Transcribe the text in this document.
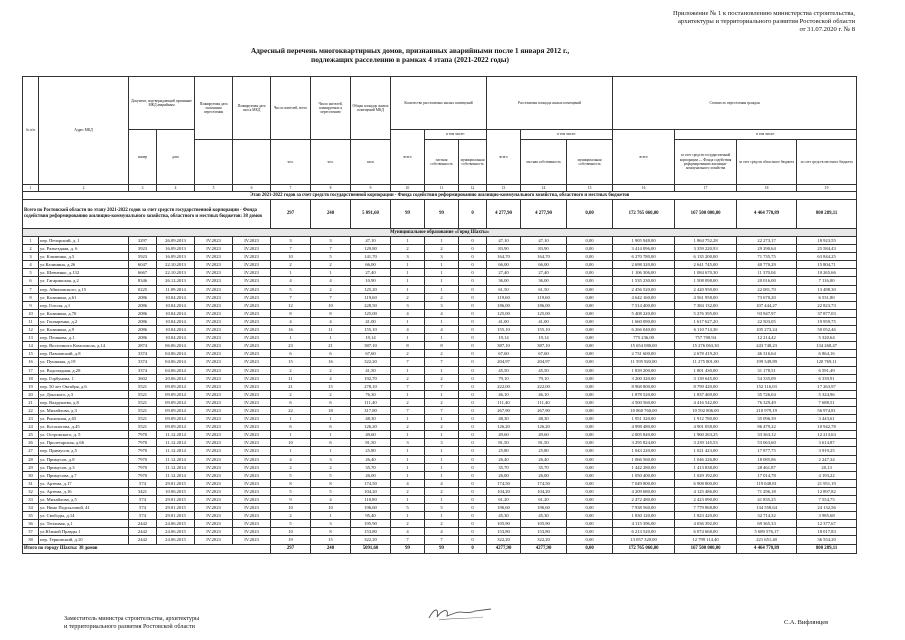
Приложение № 1 к постановлению министерства строительства,
архитектуры и территориального развития Ростовской области
от 31.07.2020 г. № 8
Адресный перечень многоквартирных домов, признанных аварийными после 1 января 2012 г.,
подлежащих расселению в рамках 4 этапа (2021-2022 годы)
№ п/п	Адрес МКД	Документ, подтверждающий признание МКД аварийным		Планируемая дата окончания переселения	Планируемая дата сноса МКД	Число жителей, всего	Число жителей, планируемых к переселению	Общая площадь жилых помещений МКД	Количество расселяемых жилых помещений			Расселяемая площадь жилых помещений			Стоимость переселения граждан			
		номер	дата						всего	в том числе:		всего	в том числе:		всего	в том числе:		
						чел.	чел.	кв.м		частная собственность	муниципальная собственность		частная собственность	муниципальная собственность		за счет средств государственной корпорации — Фонда содействия реформированию жилищно-коммунального хозяйства	за счет средств областного бюджета	за счет средств местного бюджета
1	2	3	4	5	6	7	8	9	10	11	12	13	14	15	16	17	18	19
Этап 2021-2022 годов за счет средств государственной корпорации - Фонда содействия реформированию жилищно-коммунального хозяйства, областного и местных бюджетов																		
Всего по Ростовской области по этапу 2021-2022 годов за счет средств государственной корпорации - Фонда содействия реформированию жилищно-коммунального хозяйства, областного и местных бюджетов: 38 домов						297	240	5 091,60	99	99	0	4 277,90	4 277,90	0,00	172 765 060,00	167 500 000,00	4 464 770,89	800 289,11
Муниципальное образование «Город Шахты»																		
1	пер. Печорский, д. 1	3297	26.09.2013	IV.2023	IV.2023	3	3	47,10	1	1	0	47,10	47,10	0,00	1 905 948,00	1 864 752,28	22 273,17	18 923,55
2	ул. Разъездная, д. 6	3923	16.09.2013	IV.2023	IV.2023	7	7	129,80	2	2	0	83,90	83,90	0,00	3 414 096,00	3 359 220,93	29 290,64	25 584,43
3	ул. Клименко, д.5	5923	16.09.2013	IV.2023	IV.2023	10	5	141,70	3	3	0	164,70	164,70	0,00	6 270 780,00	6 135 200,00	71 735,75	63 844,25
4	ул.Калинина, д.26	6047	22.10.2013	IV.2023	IV.2023	2	2	66,00	1	1	0	66,00	66,00	0,00	2 698 320,00	2 641 745,00	40 770,29	15 804,71
5	ул. Шевченко, д.132	6667	22.10.2013	IV.2023	IV.2023	1	1	27,40	1	1	0	27,40	27,40	0,00	1 106 306,00	1 084 670,30	11 370,04	10 265,66
6	ул. Гагаринская, д.2	8346	26.12.2013	IV.2023	IV.2023	4	4	10,90	1	1	0	36,00	36,00	0,00	1 535 230,00	1 508 098,00	20 016,00	7 116,00
7	пер. Айвазовского, д.15	0225	11.09.2014	IV.2023	IV.2023	5	2	125,20	1	1	0	61,50	61,50	0,00	2 456 520,00	2 420 950,00	22 081,70	13 488,30
8	ул. Калинина, д.61	2086	10.04.2014	IV.2023	IV.2023	7	7	119,60	2	2	0	119,60	119,60	0,00	4 642 160,00	4 561 958,00	73 670,20	6 531,80
9	пер. Гоголя, д.1	2086	10.04.2014	IV.2023	IV.2023	12	10	228,50	3	3	0	186,00	186,00	0,00	7 514 400,00	7 384 132,00	107 444,27	22 823,73
10	ул. Калинина, д.70	2086	10.04.2014	IV.2023	IV.2023	8	8	125,00	4	4	0	125,00	125,00	0,00	5 408 220,00	5 276 395,00	93 947,97	37 877,03
11	ул. Гончаренко, д.2	2086	10.04.2014	IV.2023	IV.2023	4	4	41,00	1	1	0	41,00	41,00	0,00	1 660 090,00	1 617 627,20	22 503,05	19 959,75
12	ул. Калинина, д.9	2086	10.04.2014	IV.2023	IV.2023	16	11	155,10	4	4	0	155,10	155,10	0,00	6 266 040,00	6 110 714,30	105 273,24	50 052,46
13	пер. Пешкова, д.1	2086	10.04.2014	IV.2023	IV.2023	1	1	19,14	1	1	0	19,14	19,14	0,00	775 236,00	757 700,94	12 214,42	5 320,64
14	пер. Восточного Комсомола, д.14	2874	06.06.2014	IV.2023	IV.2023	23	21	387,10	8	8	0	387,10	387,10	0,00	15 654 080,00	15 276 063,30	243 748,23	134 268,47
15	пер. Павловский, д.8	3374	04.06.2014	IV.2023	IV.2023	6	6	67,60	2	2	0	67,60	67,60	0,00	2 731 600,00	2 678 419,20	46 316,64	6 864,16
16	ул. Пушкина, д.19	3374	04.06.2014	IV.2023	IV.2023	15	16	322,20	7	7	0	204,97	204,97	0,00	11 595 920,00	11 275 801,00	199 349,89	120 769,11
17	ул. Водопадная, д.28	3374	04.06.2014	IV.2023	IV.2023	2	2	41,50	1	1	0	45,50	45,50	0,00	1 839 200,00	1 801 430,00	31 178,51	6 591,49
18	пер. Горбунова, 1	3602	20.06.2014	IV.2023	IV.2023	11	4	192,70	2	2	0	79,10	79,10	0,00	3 200 320,00	3 139 645,00	54 335,09	6 339,91
19	пер. 50 лет Октября, д.6	5521	09.09.2014	IV.2023	IV.2023	21	15	278,10	7	7	0	222,00	222,00	0,00	8 968 800,00	8 799 420,00	152 116,03	17 263,97
20	ул. Донского, д.3	5521	09.09.2014	IV.2023	IV.2023	2	2	76,30	1	1	0	46,10	46,10	0,00	1 878 520,00	1 837 469,00	35 726,04	5 324,96
21	пер. Вахрушева, д.8	5521	09.09.2014	IV.2023	IV.2023	6	6	111,40	2	2	0	111,40	111,40	0,00	4 500 560,00	4 416 542,00	76 329,49	7 688,51
22	ул. Михайлова, д.3	5521	09.09.2014	IV.2023	IV.2023	22	18	317,80	7	7	0	267,90	267,90	0,00	10 860 760,00	10 592 806,00	210 979,19	56 974,81
23	ул. Рыночная, д.65	5521	09.09.2014	IV.2023	IV.2023	1	1	48,30	1	1	0	48,30	48,30	0,00	1 951 320,00	1 912 780,00	35 096,39	3 443,61
24	ул. Косоногова, д.45	5521	09.09.2014	IV.2023	IV.2023	6	6	126,20	2	2	0	126,20	126,20	0,00	4 998 480,00	4 901 058,00	86 479,22	10 942,78
25	ул. Островского, д. 5	7970	11.12.2014	IV.2023	IV.2023	1	1	49,60	1	1	0	49,60	49,60	0,00	2 005 840,00	1 960 263,25	33 363,12	12 213,63
26	ул. Пролетарская, д.66	7970	11.12.2014	IV.2023	IV.2023	10	6	81,50	3	3	0	81,50	81,50	0,00	3 295 824,00	3 239 145,53	53 063,60	3 614,87
27	пер. Примусов, д.5	7970	11.12.2014	IV.2023	IV.2023	1	1	25,80	1	1	0	25,80	25,80	0,00	1 043 220,00	1 021 423,00	17 877,75	3 919,25
28	ул. Примусов, д.8	7970	11.12.2014	IV.2023	IV.2023	4	3	26,40	1	1	0	26,40	26,40	0,00	1 066 560,00	1 046 226,80	18 085,86	2 247,34
29	ул. Примусов, д.3	7970	11.12.2014	IV.2023	IV.2023	2	2	35,70	1	1	0	35,70	35,70	0,00	1 442 280,00	1 413 838,00	28 461,87	20,13
30	ул. Примусова, д.7	7970	11.12.2014	IV.2023	IV.2023	5	5	26,00	1	1	0	26,00	26,00	0,00	1 050 400,00	1 029 192,00	17 014,78	4 193,22
31	ул. Артема, д.17	574	29.01.2015	IV.2023	IV.2023	8	8	174,50	4	4	0	174,50	174,50	0,00	7 049 800,00	6 908 800,00	119 048,81	21 951,19
32	ул. Артема, д.16	3421	10.06.2015	IV.2023	IV.2023	5	5	104,20	2	2	0	104,20	104,20	0,00	4 209 680,00	4 125 486,00	71 296,18	12 897,82
33	ул. Михайлова, д.5	574	29.01.2015	IV.2023	IV.2023	9	4	110,80	1	1	0	61,20	61,20	0,00	2 472 480,00	2 423 090,00	41 835,25	7 554,75
34	ул. Нино Подсыловой, 41	574	29.01.2015	IV.2023	IV.2023	10	10	196,60	5	5	0	196,60	196,60	0,00	7 938 560,00	7 779 868,80	134 558,64	24 132,56
35	ул. Свободы, д.14	574	29.01.2015	IV.2023	IV.2023	2	1	95,40	1	1	0	45,30	45,30	0,00	1 830 120,00	1 823 420,00	32 714,32	3 985,68
36	ул. Тепловая, д.1	2442	24.06.2015	IV.2023	IV.2023	5	3	195,90	2	2	0	105,90	105,90	0,00	4 115 396,00	4 036 392,00	69 365,33	12 377,67
37	ул.Южной Правды 1	2442	24.06.2015	IV.2023	IV.2023	10	8	153,80	4	4	0	153,80	153,80	0,00	6 213 520,00	6 074 668,00	5 689 576,17	18 017,83
38	пер. Терновский, д.10	2442	24.06.2015	IV.2023	IV.2023	19	15	322,20	7	7	0	322,20	322,20	0,00	13 057 320,00	12 799 114,40	221 651,40	36 554,20
Итого по городу Шахты: 38 домов						297	240	5091,60	99	99	0	4277,90	4277,90	0,00	172 765 060,00	167 500 000,00	4 464 770,89	800 289,11
Заместитель министра строительства, архитектуры
и территориального развития Ростовской области	С.А. Вифлянцев
